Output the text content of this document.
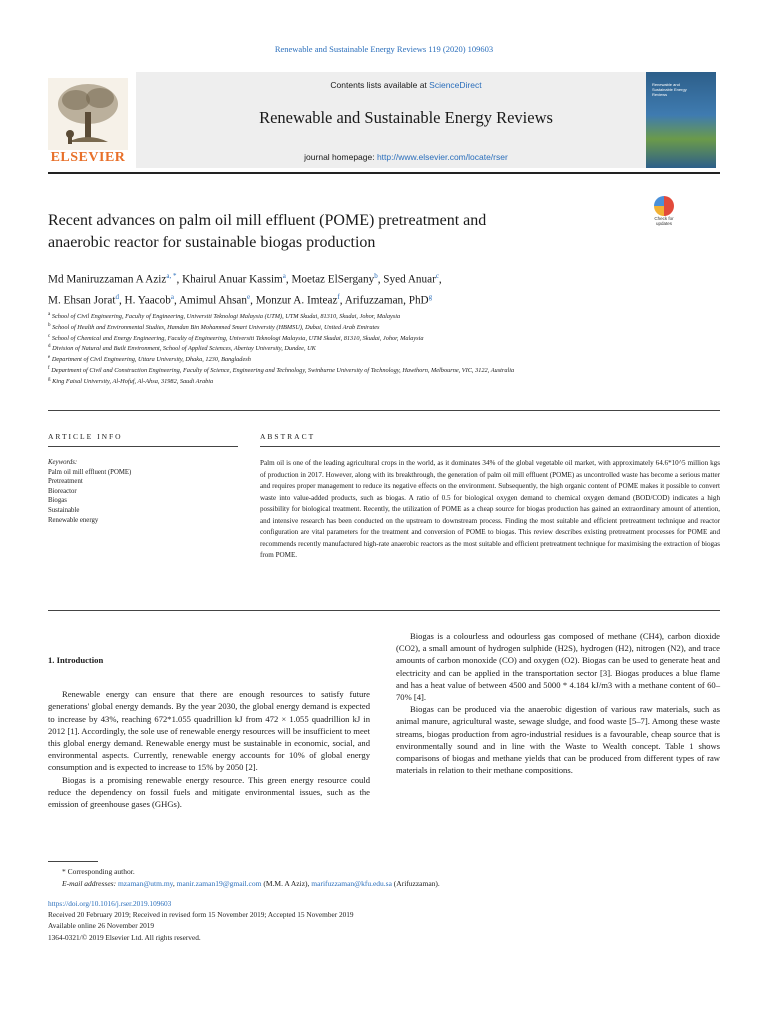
Renewable and Sustainable Energy Reviews 119 (2020) 109603
ELSEVIER
Contents lists available at ScienceDirect
Renewable and Sustainable Energy Reviews
journal homepage: http://www.elsevier.com/locate/rser
Renewable and Sustainable Energy Reviews
Recent advances on palm oil mill effluent (POME) pretreatment and
anaerobic reactor for sustainable biogas production
Check for
updates
Md Maniruzzaman A Aziz$^{a, *}$, Khairul Anuar Kassim$^a$, Moetaz ElSergany$^b$, Syed Anuar$^c$,
M. Ehsan Jorat$^d$, H. Yaacob$^a$, Amimul Ahsan$^e$, Monzur A. Imteaz$^f$, Arifuzzaman, PhD$^g$
$^a$ School of Civil Engineering, Faculty of Engineering, Universiti Teknologi Malaysia (UTM), UTM Skudai, 81310, Skudai, Johor, Malaysia
$^b$ School of Health and Environmental Studies, Hamdan Bin Mohammed Smart University (HBMSU), Dubai, United Arab Emirates
$^c$ School of Chemical and Energy Engineering, Faculty of Engineering, Universiti Teknologi Malaysia, UTM Skudai, 81310, Skudai, Johor, Malaysia
$^d$ Division of Natural and Built Environment, School of Applied Sciences, Abertay University, Dundee, UK
$^e$ Department of Civil Engineering, Uttara University, Dhaka, 1230, Bangladesh
$^f$ Department of Civil and Construction Engineering, Faculty of Science, Engineering and Technology, Swinburne University of Technology, Hawthorn, Melbourne, VIC, 3122, Australia
$^g$ King Faisal University, Al-Hofuf, Al-Ahsa, 31982, Saudi Arabia
ARTICLE INFO	ABSTRACT
Keywords:
Palm oil mill effluent (POME)
Pretreatment
Bioreactor
Biogas
Sustainable
Renewable energy
Palm oil is one of the leading agricultural crops in the world, as it dominates 34% of the global vegetable oil market, with approximately 64.6*10^5 million kgs of production in 2017. However, along with its breakthrough, the generation of palm oil mill effluent (POME) as uncontrolled waste has become a serious matter and requires proper management to reduce its negative effects on the environment. Subsequently, the high organic content of POME makes it possible to convert waste into value-added products, such as biogas. A ratio of 0.5 for biological oxygen demand to chemical oxygen demand (BOD/COD) indicates a high possibility for biological treatment. Recently, the utilization of POME as a cheap source for biogas production has gained an extraordinary amount of attention, and intensive research has been conducted on the upstream to downstream process. Finding the most suitable and efficient pretreatment technique and reactor configuration are vital parameters for the treatment and conversion of POME to biogas. This review describes existing pretreatment processes for POME and recommends recently manufactured high-rate anaerobic reactors as the most suitable and efficient pretreatment technique for maximising the extraction of biogas from POME.
1. Introduction

Renewable energy can ensure that there are enough resources to satisfy future generations' global energy demands. By the year 2030, the global energy demand is expected to increase by 43%, reaching 672*1.055 quadrillion kJ from 472 × 1.055 quadrillion kJ in 2012 [1]. Accordingly, the sole use of renewable energy resources will be insufficient to meet this global energy demand. Renewable energy must be sustainable in economic, social, and environmental aspects. Currently, renewable energy accounts for 10% of global energy consumption and is expected to increase to 15% by 2050 [2].

Biogas is a promising renewable energy resource. This green energy resource could reduce the dependency on fossil fuels and mitigate environmental issues, such as the emission of greenhouse gases (GHGs).

Biogas is a colourless and odourless gas composed of methane (CH4), carbon dioxide (CO2), a small amount of hydrogen sulphide (H2S), hydrogen (H2), nitrogen (N2), and trace amounts of carbon monoxide (CO) and oxygen (O2). Biogas can be used to generate heat and electricity and can be applied in the transportation sector [3]. Biogas produces a blue flame and has a heat value of between 4500 and 5000 * 4.184 kJ/m3 with a methane content of 60–70% [4].

Biogas can be produced via the anaerobic digestion of various raw materials, such as animal manure, agricultural waste, sewage sludge, and food waste [5–7]. Among these waste streams, biogas production from agro-industrial residues is a favourable, cheap source that is environmentally sound and in line with the Waste to Wealth concept. Table 1 shows comparisons of biogas and methane yields that can be produced from different types of raw materials in relation to their methane compositions.

* Corresponding author.
E-mail addresses: mzaman@utm.my, manir.zaman19@gmail.com (M.M. A Aziz), marifuzzaman@kfu.edu.sa (Arifuzzaman).
https://doi.org/10.1016/j.rser.2019.109603
Received 20 February 2019; Received in revised form 15 November 2019; Accepted 15 November 2019
Available online 26 November 2019
1364-0321/© 2019 Elsevier Ltd. All rights reserved.
